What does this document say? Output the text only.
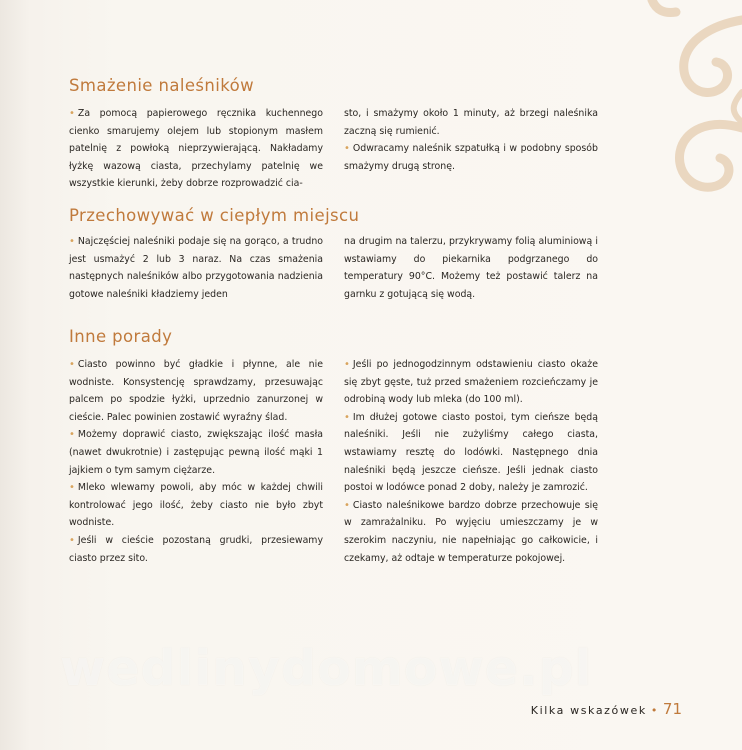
Smażenie naleśników

• Za pomocą papierowego ręcznika kuchennego cienko smarujemy olejem lub stopionym masłem patelnię z powłoką nieprzywierającą. Nakładamy łyżkę wazową ciasta, przechylamy patelnię we wszystkie kierunki, żeby dobrze rozprowadzić cia-

sto, i smażymy około 1 minuty, aż brzegi naleśnika zaczną się rumienić.

• Odwracamy naleśnik szpatułką i w podobny sposób smażymy drugą stronę.

Przechowywać w ciepłym miejscu

• Najczęściej naleśniki podaje się na gorąco, a trudno jest usmażyć 2 lub 3 naraz. Na czas smażenia następnych naleśników albo przygotowania nadzienia gotowe naleśniki kładziemy jeden

na drugim na talerzu, przykrywamy folią aluminiową i wstawiamy do piekarnika podgrzanego do temperatury 90°C. Możemy też postawić talerz na garnku z gotującą się wodą.

Inne porady

• Ciasto powinno być gładkie i płynne, ale nie wodniste. Konsystencję sprawdzamy, przesuwając palcem po spodzie łyżki, uprzednio zanurzonej w cieście. Palec powinien zostawić wyraźny ślad.

• Możemy doprawić ciasto, zwiększając ilość masła (nawet dwukrotnie) i zastępując pewną ilość mąki 1 jajkiem o tym samym ciężarze.

• Mleko wlewamy powoli, aby móc w każdej chwili kontrolować jego ilość, żeby ciasto nie było zbyt wodniste.

• Jeśli w cieście pozostaną grudki, przesiewamy ciasto przez sito.

• Jeśli po jednogodzinnym odstawieniu ciasto okaże się zbyt gęste, tuż przed smażeniem rozcieńczamy je odrobiną wody lub mleka (do 100 ml).

• Im dłużej gotowe ciasto postoi, tym cieńsze będą naleśniki. Jeśli nie zużyliśmy całego ciasta, wstawiamy resztę do lodówki. Następnego dnia naleśniki będą jeszcze cieńsze. Jeśli jednak ciasto postoi w lodówce ponad 2 doby, należy je zamrozić.

• Ciasto naleśnikowe bardzo dobrze przechowuje się w zamrażalniku. Po wyjęciu umieszczamy je w szerokim naczyniu, nie napełniając go całkowicie, i czekamy, aż odtaje w temperaturze pokojowej.

wedlinydomowe.pl
Kilka wskazówek • 71
